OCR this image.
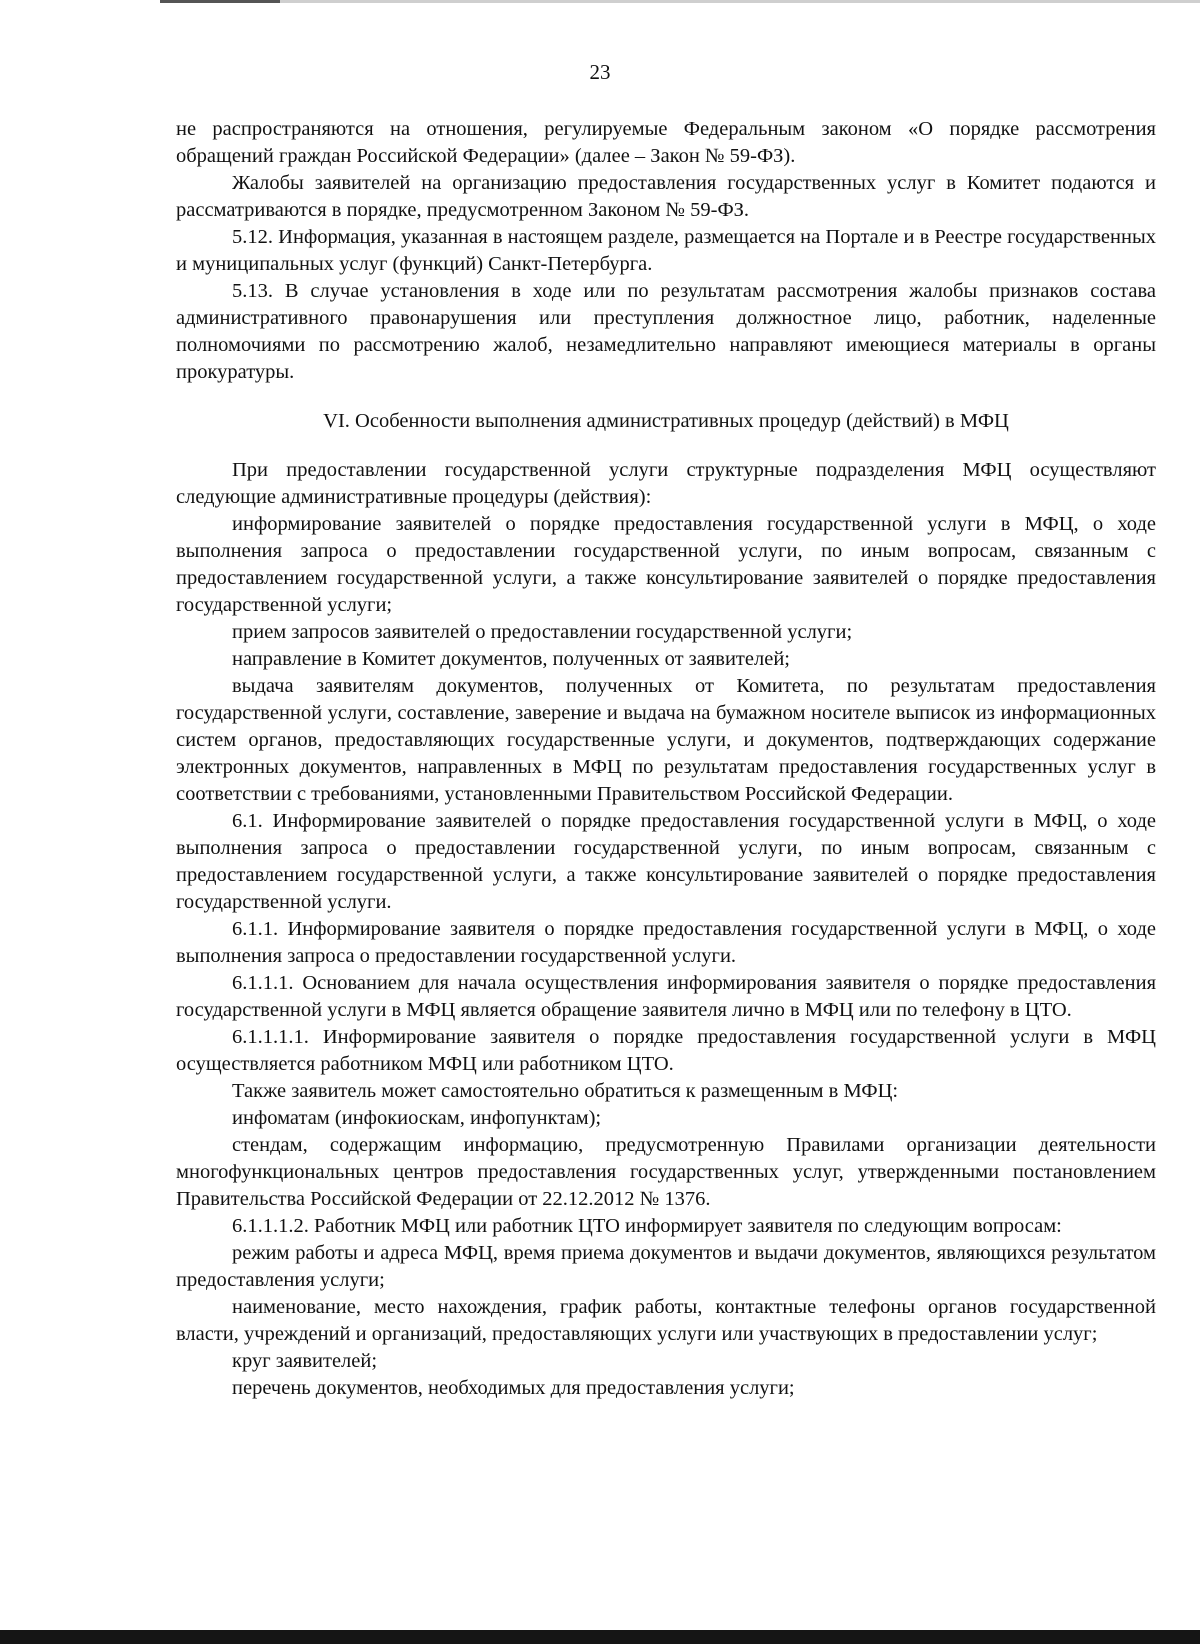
23

не распространяются на отношения, регулируемые Федеральным законом «О порядке рассмотрения обращений граждан Российской Федерации» (далее – Закон № 59-ФЗ).

Жалобы заявителей на организацию предоставления государственных услуг в Комитет подаются и рассматриваются в порядке, предусмотренном Законом № 59-ФЗ.

5.12. Информация, указанная в настоящем разделе, размещается на Портале и в Реестре государственных и муниципальных услуг (функций) Санкт-Петербурга.

5.13. В случае установления в ходе или по результатам рассмотрения жалобы признаков состава административного правонарушения или преступления должностное лицо, работник, наделенные полномочиями по рассмотрению жалоб, незамедлительно направляют имеющиеся материалы в органы прокуратуры.

VI. Особенности выполнения административных процедур (действий) в МФЦ

При предоставлении государственной услуги структурные подразделения МФЦ осуществляют следующие административные процедуры (действия):

информирование заявителей о порядке предоставления государственной услуги в МФЦ, о ходе выполнения запроса о предоставлении государственной услуги, по иным вопросам, связанным с предоставлением государственной услуги, а также консультирование заявителей о порядке предоставления государственной услуги;

прием запросов заявителей о предоставлении государственной услуги;

направление в Комитет документов, полученных от заявителей;

выдача заявителям документов, полученных от Комитета, по результатам предоставления государственной услуги, составление, заверение и выдача на бумажном носителе выписок из информационных систем органов, предоставляющих государственные услуги, и документов, подтверждающих содержание электронных документов, направленных в МФЦ по результатам предоставления государственных услуг в соответствии с требованиями, установленными Правительством Российской Федерации.

6.1. Информирование заявителей о порядке предоставления государственной услуги в МФЦ, о ходе выполнения запроса о предоставлении государственной услуги, по иным вопросам, связанным с предоставлением государственной услуги, а также консультирование заявителей о порядке предоставления государственной услуги.

6.1.1. Информирование заявителя о порядке предоставления государственной услуги в МФЦ, о ходе выполнения запроса о предоставлении государственной услуги.

6.1.1.1. Основанием для начала осуществления информирования заявителя о порядке предоставления государственной услуги в МФЦ является обращение заявителя лично в МФЦ или по телефону в ЦТО.

6.1.1.1.1. Информирование заявителя о порядке предоставления государственной услуги в МФЦ осуществляется работником МФЦ или работником ЦТО.

Также заявитель может самостоятельно обратиться к размещенным в МФЦ:

инфоматам (инфокиоскам, инфопунктам);

стендам, содержащим информацию, предусмотренную Правилами организации деятельности многофункциональных центров предоставления государственных услуг, утвержденными постановлением Правительства Российской Федерации от 22.12.2012 № 1376.

6.1.1.1.2. Работник МФЦ или работник ЦТО информирует заявителя по следующим вопросам:

режим работы и адреса МФЦ, время приема документов и выдачи документов, являющихся результатом предоставления услуги;

наименование, место нахождения, график работы, контактные телефоны органов государственной власти, учреждений и организаций, предоставляющих услуги или участвующих в предоставлении услуг;

круг заявителей;

перечень документов, необходимых для предоставления услуги;
